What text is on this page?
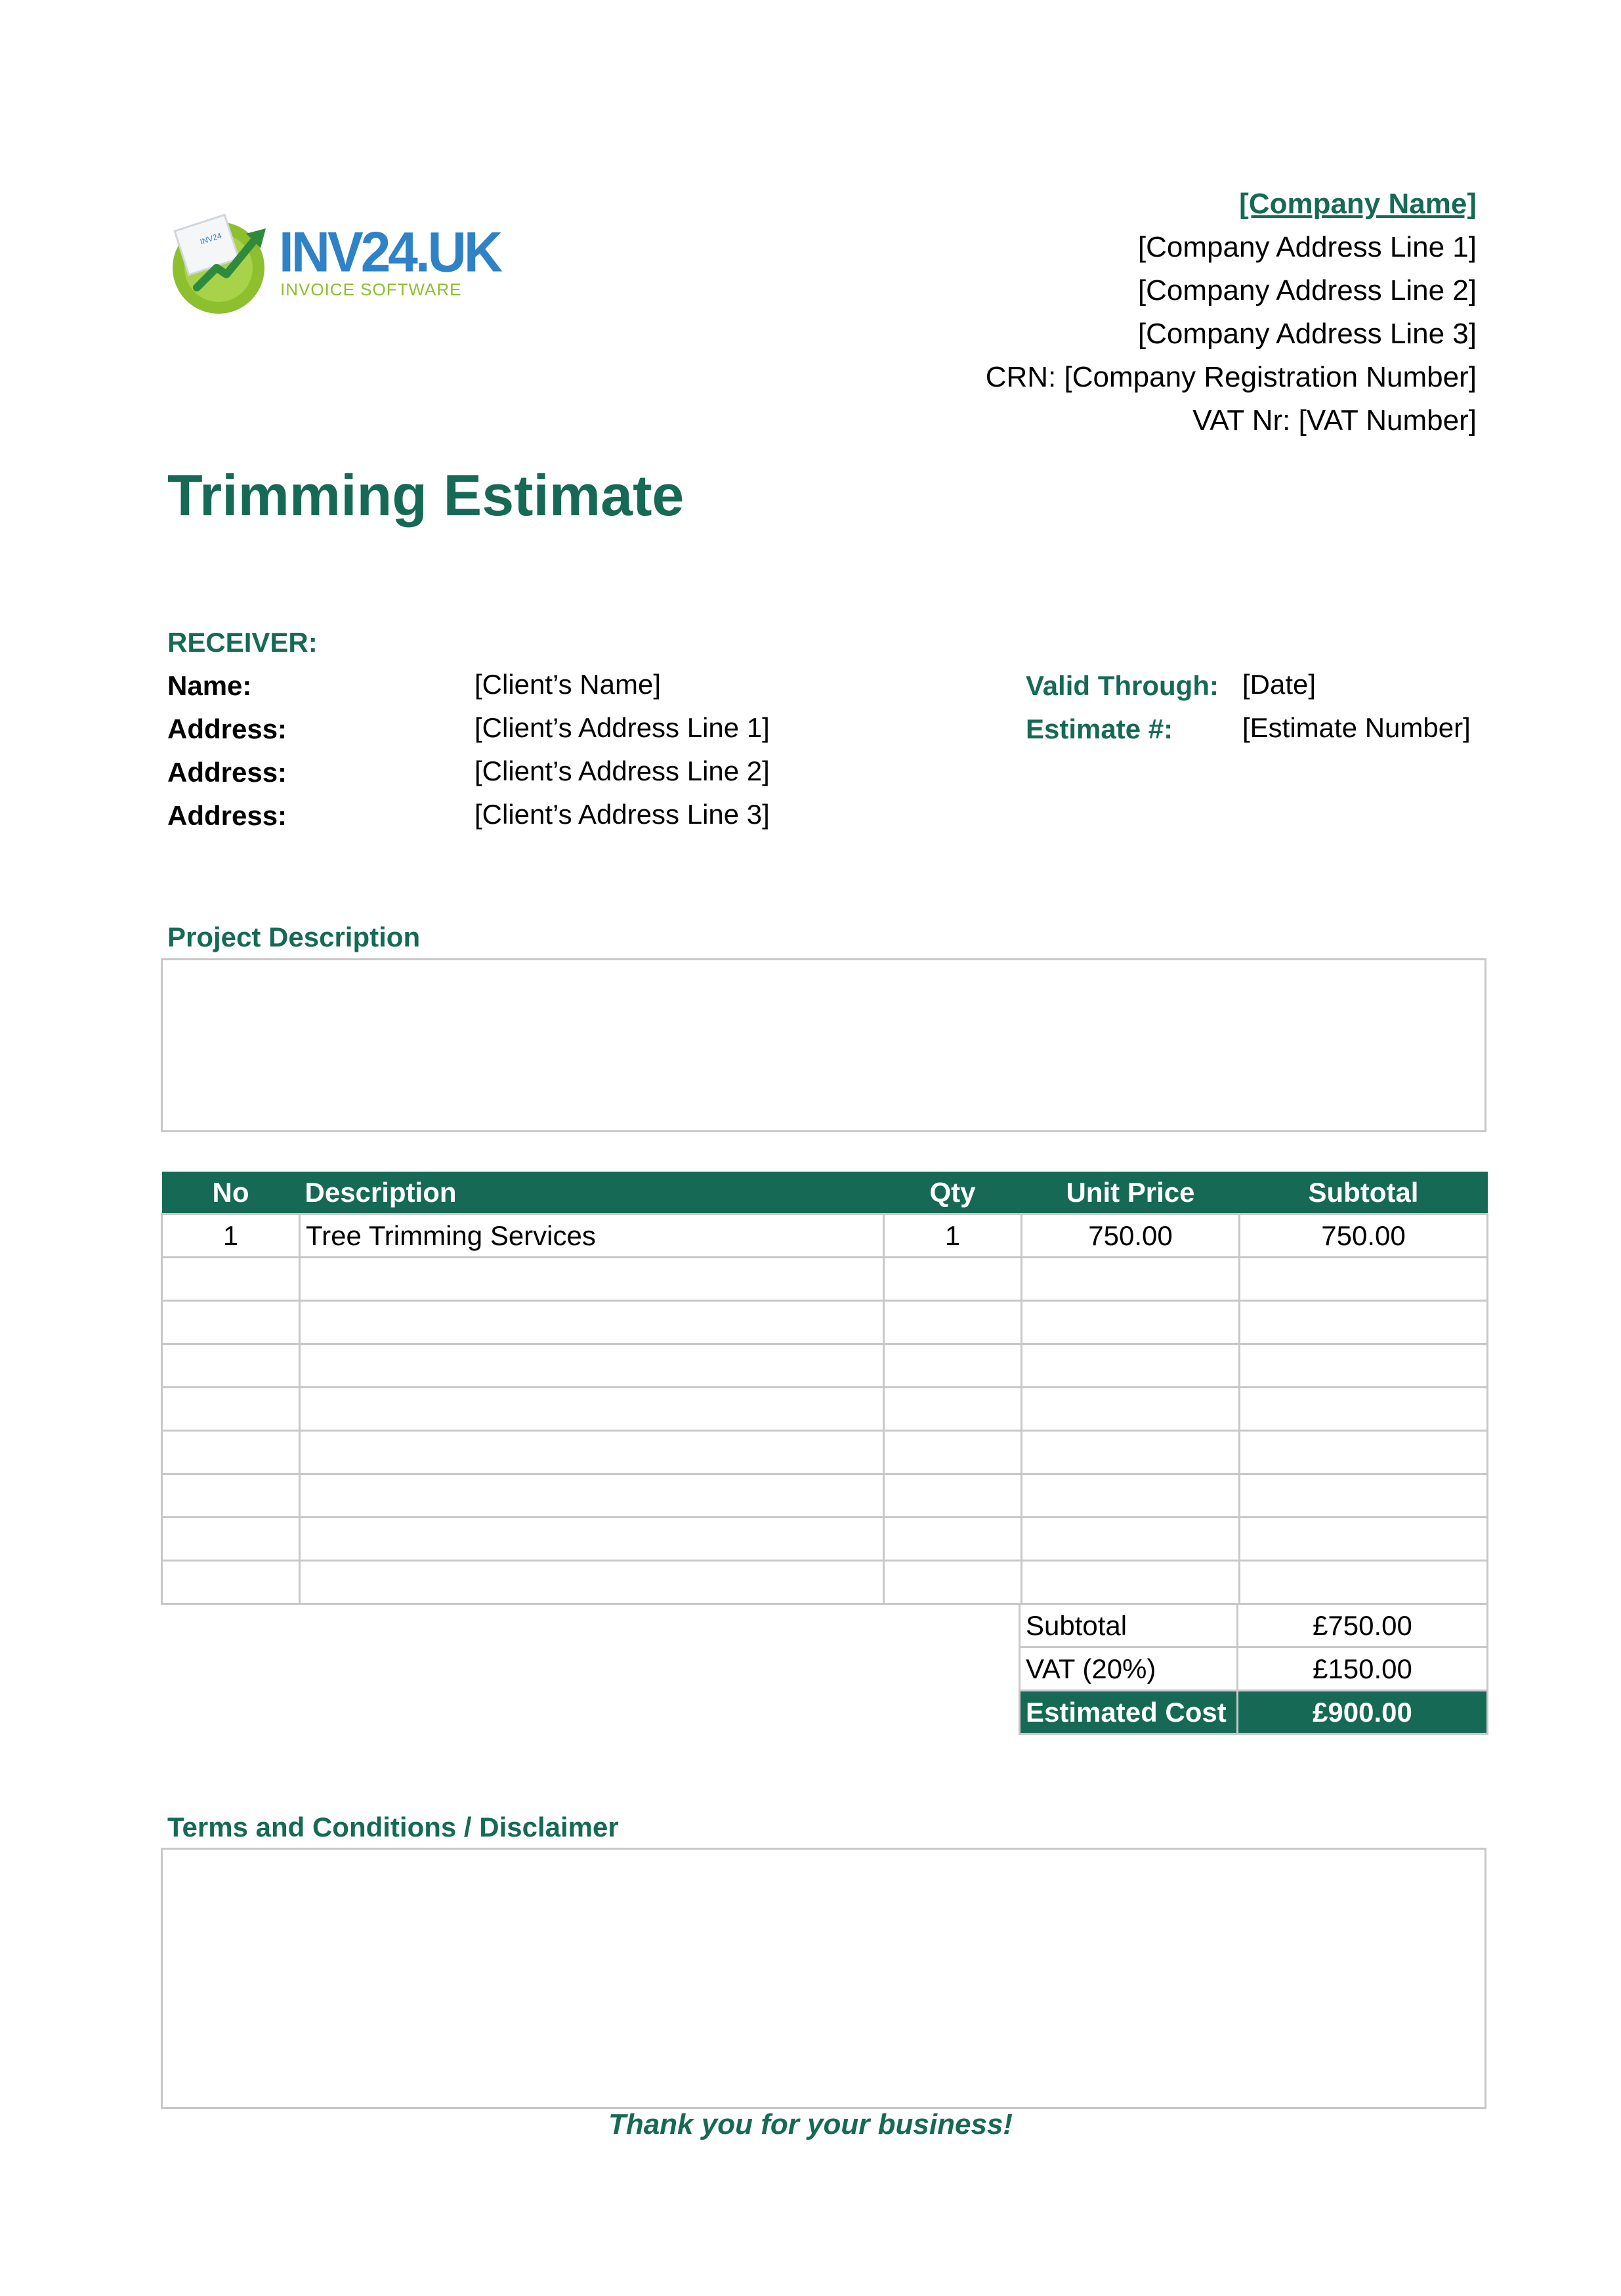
INV24 INV24.UK
INVOICE SOFTWARE
[Company Name]
[Company Address Line 1]
[Company Address Line 2]
[Company Address Line 3]
CRN: [Company Registration Number]
VAT Nr: [VAT Number]
Trimming Estimate
RECEIVER:
Name:	[Client’s Name]
Address:	[Client’s Address Line 1]
Address:	[Client’s Address Line 2]
Address:	[Client’s Address Line 3]
Valid Through: [Date]
Estimate #:	[Estimate Number]
Project Description
No	Description	Qty	Unit Price	Subtotal
1	Tree Trimming Services	1	750.00	750.00

Subtotal	£750.00
VAT (20%)	£150.00
Estimated Cost	£900.00
Terms and Conditions / Disclaimer
Thank you for your business!
